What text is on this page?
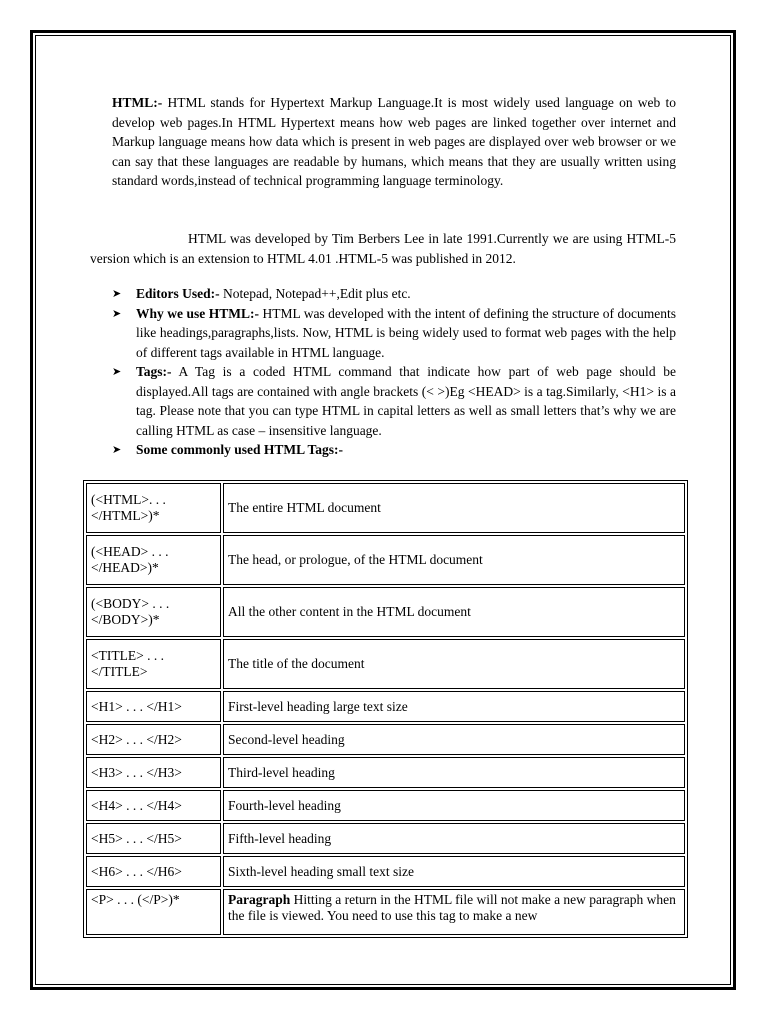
HTML:- HTML stands for Hypertext Markup Language.It is most widely used language on web to develop web pages.In HTML Hypertext means how web pages are linked together over internet and Markup language means how data which is present in web pages are displayed over web browser or we can say that these languages are readable by humans, which means that they are usually written using standard words,instead of technical programming language terminology.

HTML was developed by Tim Berbers Lee in late 1991.Currently we are using HTML-5 version which is an extension to HTML 4.01 .HTML-5 was published in 2012.

➤ Editors Used:- Notepad, Notepad++,Edit plus etc.
➤ Why we use HTML:- HTML was developed with the intent of defining the structure of documents like headings,paragraphs,lists. Now, HTML is being widely used to format web pages with the help of different tags available in HTML language.
➤ Tags:- A Tag is a coded HTML command that indicate how part of web page should be displayed.All tags are contained with angle brackets (< >)Eg <HEAD> is a tag.Similarly, <H1> is a tag. Please note that you can type HTML in capital letters as well as small letters that’s why we are calling HTML as case – insensitive language.
➤ Some commonly used HTML Tags:-
(<HTML>. . . </HTML>)*	The entire HTML document
(<HEAD> . . . </HEAD>)*	The head, or prologue, of the HTML document
(<BODY> . . . </BODY>)*	All the other content in the HTML document
<TITLE> . . . </TITLE>	The title of the document
<H1> . . . </H1>	First-level heading large text size
<H2> . . . </H2>	Second-level heading
<H3> . . . </H3>	Third-level heading
<H4> . . . </H4>	Fourth-level heading
<H5> . . . </H5>	Fifth-level heading
<H6> . . . </H6>	Sixth-level heading small text size
<P> . . . (</P>)*	Paragraph Hitting a return in the HTML file will not make a new paragraph when the file is viewed. You need to use this tag to make a new
